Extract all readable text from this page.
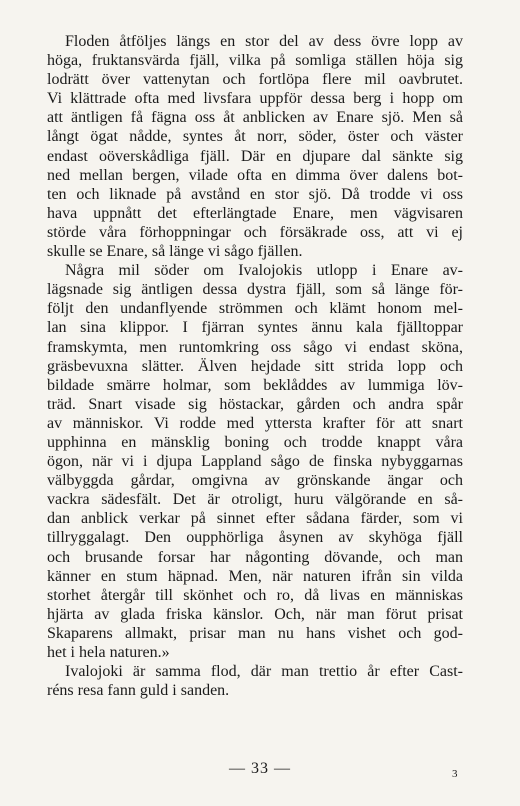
Floden åtföljes längs en stor del av dess övre lopp av
höga, fruktansvärda fjäll, vilka på somliga ställen höja sig
lodrätt över vattenytan och fortlöpa flere mil oavbrutet.
Vi klättrade ofta med livsfara uppför dessa berg i hopp om
att äntligen få fägna oss åt anblicken av Enare sjö. Men så
långt ögat nådde, syntes åt norr, söder, öster och väster
endast oöverskådliga fjäll. Där en djupare dal sänkte sig
ned mellan bergen, vilade ofta en dimma över dalens bot-
ten och liknade på avstånd en stor sjö. Då trodde vi oss
hava uppnått det efterlängtade Enare, men vägvisaren
störde våra förhoppningar och försäkrade oss, att vi ej
skulle se Enare, så länge vi sågo fjällen.
Några mil söder om Ivalojokis utlopp i Enare av-
lägsnade sig äntligen dessa dystra fjäll, som så länge för-
följt den undanflyende strömmen och klämt honom mel-
lan sina klippor. I fjärran syntes ännu kala fjälltoppar
framskymta, men runtomkring oss sågo vi endast sköna,
gräsbevuxna slätter. Älven hejdade sitt strida lopp och
bildade smärre holmar, som beklåddes av lummiga löv-
träd. Snart visade sig höstackar, gården och andra spår
av människor. Vi rodde med yttersta krafter för att snart
upphinna en mänsklig boning och trodde knappt våra
ögon, när vi i djupa Lappland sågo de finska nybyggarnas
välbyggda gårdar, omgivna av grönskande ängar och
vackra sädesfält. Det är otroligt, huru välgörande en så-
dan anblick verkar på sinnet efter sådana färder, som vi
tillryggalagt. Den oupphörliga åsynen av skyhöga fjäll
och brusande forsar har någonting dövande, och man
känner en stum häpnad. Men, när naturen ifrån sin vilda
storhet återgår till skönhet och ro, då livas en människas
hjärta av glada friska känslor. Och, när man förut prisat
Skaparens allmakt, prisar man nu hans vishet och god-
het i hela naturen.»
Ivalojoki är samma flod, där man trettio år efter Cast-
réns resa fann guld i sanden.
— 33 —	3
